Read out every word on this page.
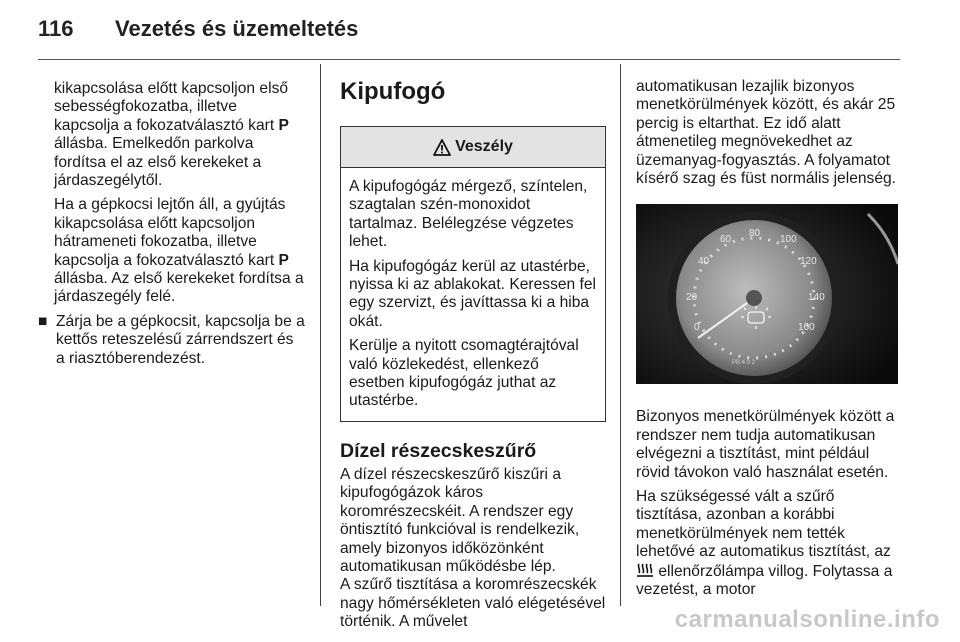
116 Vezetés és üzemeltetés

kikapcsolása előtt kapcsoljon első sebességfokozatba, illetve kapcsolja a fokozatválasztó kart P állásba. Emelkedőn parkolva fordítsa el az első kerekeket a járdaszegélytől.

Ha a gépkocsi lejtőn áll, a gyújtás kikapcsolása előtt kapcsoljon hátrameneti fokozatba, illetve kapcsolja a fokozatválasztó kart P állásba. Az első kerekeket fordítsa a járdaszegély felé.

■ Zárja be a gépkocsit, kapcsolja be a kettős reteszelésű zárrendszert és a riasztóberendezést.

Kipufogó
Veszély

A kipufogógáz mérgező, színtelen, szagtalan szén-monoxidot tartalmaz. Belélegzése végzetes lehet.

Ha kipufogógáz kerül az utastérbe, nyissa ki az ablakokat. Keressen fel egy szervizt, és javíttassa ki a hiba okát.

Kerülje a nyitott csomagtérajtóval való közlekedést, ellenkező esetben kipufogógáz juthat az utastérbe.

Dízel részecskeszűrő

A dízel részecskeszűrő kiszűri a kipufogógázok káros koromrészecskéit. A rendszer egy öntisztító funkcióval is rendelkezik, amely bizonyos időközönként automatikusan működésbe lép.

A szűrő tisztítása a koromrészecskék nagy hőmérsékleten való elégetésével történik. A művelet

automatikusan lezajlik bizonyos menetkörülmények között, és akár 25 percig is eltarthat. Ez idő alatt átmenetileg megnövekedhet az üzemanyag-fogyasztás. A folyamatot kísérő szag és füst normális jelenség.

0
20
40
60
80
100
120
140
160
PB 4 0 2

Bizonyos menetkörülmények között a rendszer nem tudja automatikusan elvégezni a tisztítást, mint például rövid távokon való használat esetén.

Ha szükségessé vált a szűrő tisztítása, azonban a korábbi menetkörülmények nem tették lehetővé az automatikus tisztítást, az  ellenőrzőlámpa villog. Folytassa a vezetést, a motor

carmanualsonline.info
